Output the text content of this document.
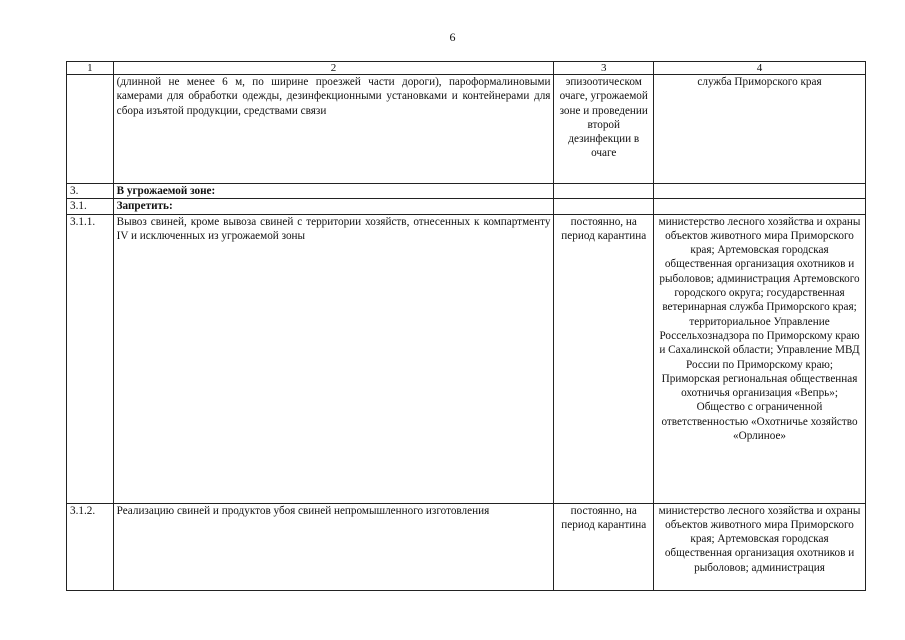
6
1	2	3	4
	(длинной не менее 6 м, по ширине проезжей части дороги), пароформалиновыми камерами для обработки одежды, дезинфекционными установками и контейнерами для сбора изъятой продукции, средствами связи	эпизоотическом очаге, угрожаемой зоне и проведении второй дезинфекции в очаге	служба Приморского края
3.	В угрожаемой зоне:		
3.1.	Запретить:		
3.1.1.	Вывоз свиней, кроме вывоза свиней с территории хозяйств, отнесенных к компартменту IV и исключенных из угрожаемой зоны	постоянно, на период карантина	министерство лесного хозяйства и охраны объектов животного мира Приморского края; Артемовская городская общественная организация охотников и рыболовов; администрация Артемовского городского округа; государственная ветеринарная служба Приморского края; территориальное Управление Россельхознадзора по Приморскому краю и Сахалинской области; Управление МВД России по Приморскому краю; Приморская региональная общественная охотничья организация «Вепрь»; Общество с ограниченной ответственностью «Охотничье хозяйство «Орлиное»
3.1.2.	Реализацию свиней и продуктов убоя свиней непромышленного изготовления	постоянно, на период карантина	министерство лесного хозяйства и охраны объектов животного мира Приморского края; Артемовская городская общественная организация охотников и рыболовов; администрация
